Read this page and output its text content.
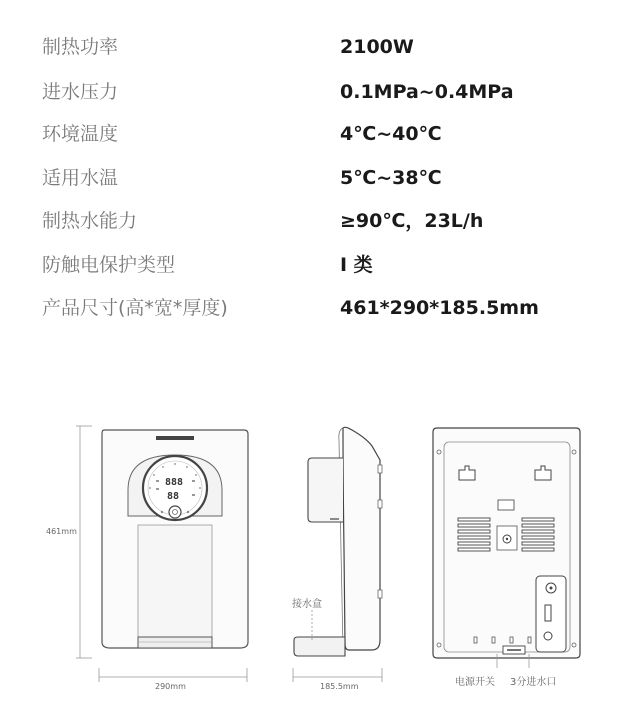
制热功率	2100W
进水压力	0.1MPa~0.4MPa
环境温度	4℃~40℃
适用水温	5℃~38℃
制热水能力	≥90℃，23L/h
防触电保护类型	I 类
产品尺寸(高*宽*厚度)	461*290*185.5mm
461mm
888
88
290mm
接水盒
185.5mm	电源开关 3分进水口
